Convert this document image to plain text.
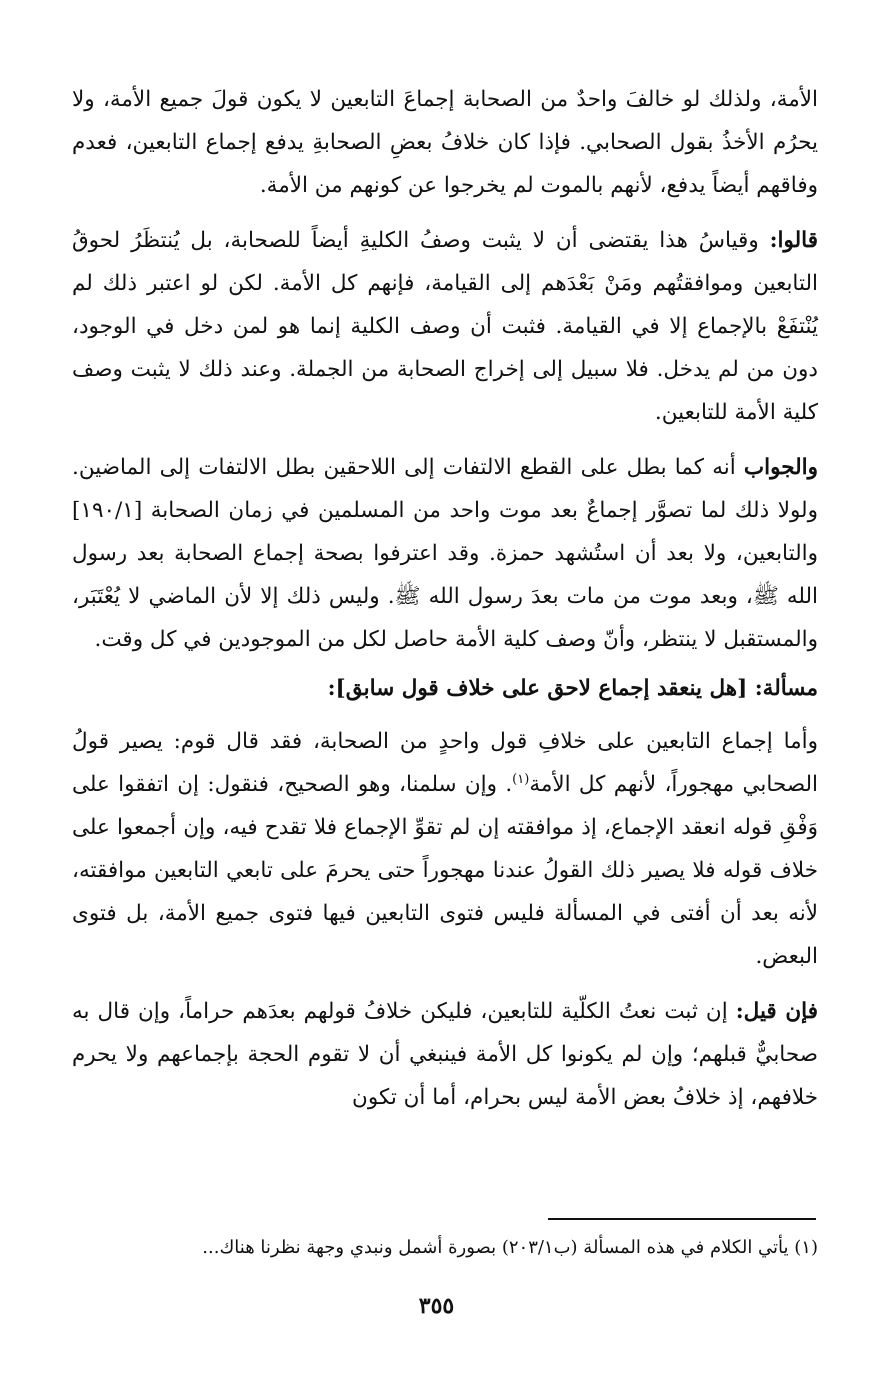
الأمة، ولذلك لو خالفَ واحدٌ من الصحابة إجماعَ التابعين لا يكون قولَ جميع الأمة، ولا يحرُم الأخذُ بقول الصحابي. فإذا كان خلافُ بعضِ الصحابةِ يدفع إجماع التابعين، فعدم وفاقهم أيضاً يدفع، لأنهم بالموت لم يخرجوا عن كونهم من الأمة.

قالوا: وقياسُ هذا يقتضى أن لا يثبت وصفُ الكليةِ أيضاً للصحابة، بل يُنتظَرُ لحوقُ التابعين وموافقتُهم ومَنْ بَعْدَهم إلى القيامة، فإنهم كل الأمة. لكن لو اعتبر ذلك لم يُنْتفَعْ بالإجماع إلا في القيامة. فثبت أن وصف الكلية إنما هو لمن دخل في الوجود، دون من لم يدخل. فلا سبيل إلى إخراج الصحابة من الجملة. وعند ذلك لا يثبت وصف كلية الأمة للتابعين.

والجواب أنه كما بطل على القطع الالتفات إلى اللاحقين بطل الالتفات إلى الماضين. ولولا ذلك لما تصوَّر إجماعٌ بعد موت واحد من المسلمين في زمان الصحابة [١٩٠/١] والتابعين، ولا بعد أن استُشهد حمزة. وقد اعترفوا بصحة إجماع الصحابة بعد رسول الله ﷺ، وبعد موت من مات بعدَ رسول الله ﷺ. وليس ذلك إلا لأن الماضي لا يُعْتَبَر، والمستقبل لا ينتظر، وأنّ وصف كلية الأمة حاصل لكل من الموجودين في كل وقت.

مسألة: [هل ينعقد إجماع لاحق على خلاف قول سابق]:

وأما إجماع التابعين على خلافِ قول واحدٍ من الصحابة، فقد قال قوم: يصير قولُ الصحابي مهجوراً، لأنهم كل الأمة$^{(١)}$. وإن سلمنا، وهو الصحيح، فنقول: إن اتفقوا على وَفْقِ قوله انعقد الإجماع، إذ موافقته إن لم تقوِّ الإجماع فلا تقدح فيه، وإن أجمعوا على خلاف قوله فلا يصير ذلك القولُ عندنا مهجوراً حتى يحرمَ على تابعي التابعين موافقته، لأنه بعد أن أفتى في المسألة فليس فتوى التابعين فيها فتوى جميع الأمة، بل فتوى البعض.

فإن قيل: إن ثبت نعتُ الكلّية للتابعين، فليكن خلافُ قولهم بعدَهم حراماً، وإن قال به صحابيٌّ قبلهم؛ وإن لم يكونوا كل الأمة فينبغي أن لا تقوم الحجة بإجماعهم ولا يحرم خلافهم، إذ خلافُ بعض الأمة ليس بحرام، أما أن تكون

(١) يأتي الكلام في هذه المسألة (ب٢٠٣/١) بصورة أشمل ونبدي وجهة نظرنا هناك...
٣٥٥
